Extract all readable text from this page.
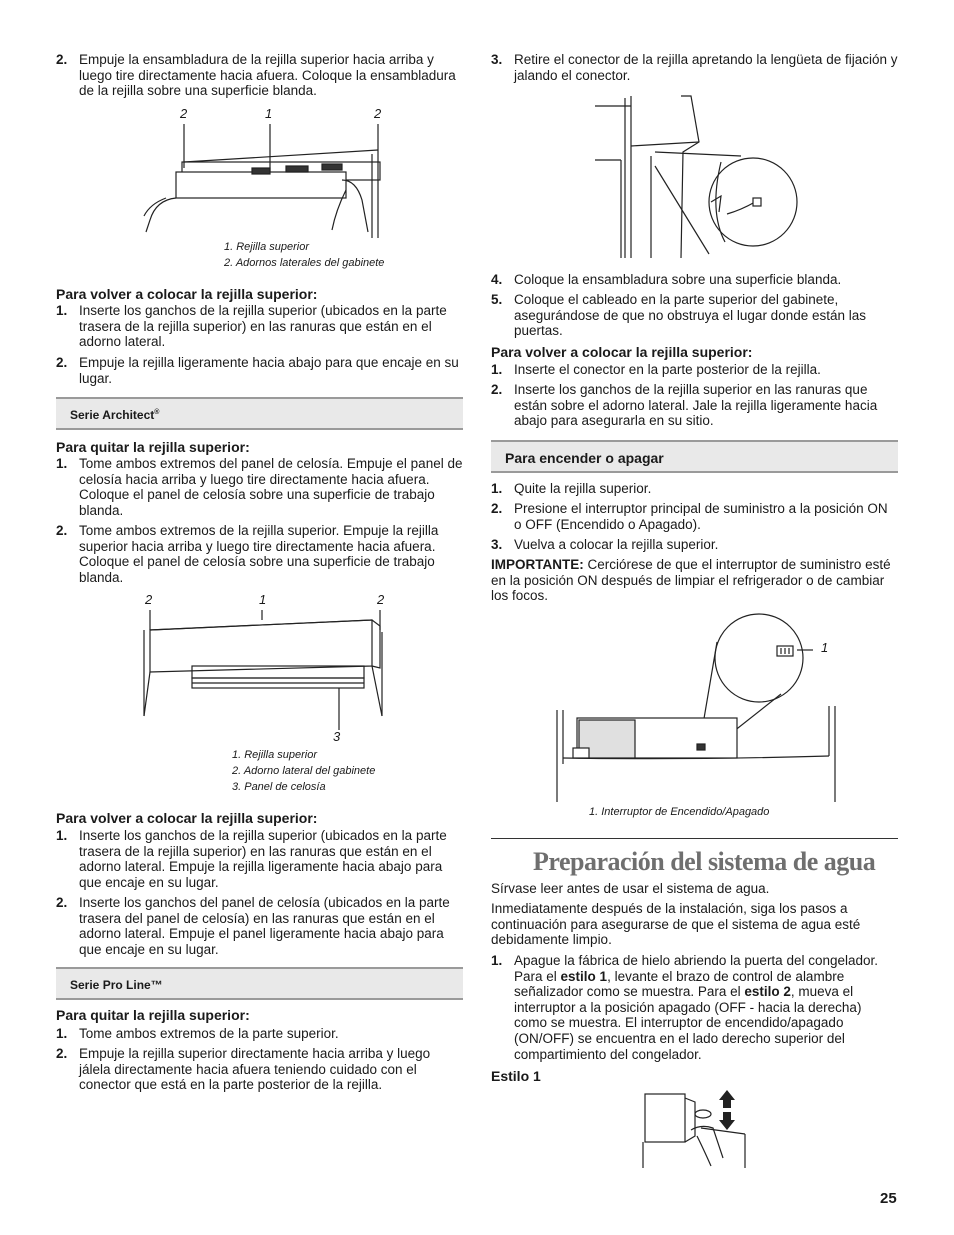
2. Empuje la ensambladura de la rejilla superior hacia arriba y luego tire directamente hacia afuera. Coloque la ensambladura de la rejilla sobre una superficie blanda.
2	1	2
1. Rejilla superior
2. Adornos laterales del gabinete
Para volver a colocar la rejilla superior:
1. Inserte los ganchos de la rejilla superior (ubicados en la parte trasera de la rejilla superior) en las ranuras que están en el adorno lateral.
2. Empuje la rejilla ligeramente hacia abajo para que encaje en su lugar.
Serie Architect®
Para quitar la rejilla superior:
1. Tome ambos extremos del panel de celosía. Empuje el panel de celosía hacia arriba y luego tire directamente hacia afuera. Coloque el panel de celosía sobre una superficie de trabajo blanda.
2. Tome ambos extremos de la rejilla superior. Empuje la rejilla superior hacia arriba y luego tire directamente hacia afuera. Coloque el panel de celosía sobre una superficie de trabajo blanda.
2	1	2
3
1. Rejilla superior
2. Adorno lateral del gabinete
3. Panel de celosía
Para volver a colocar la rejilla superior:
1. Inserte los ganchos de la rejilla superior (ubicados en la parte trasera de la rejilla superior) en las ranuras que están en el adorno lateral. Empuje la rejilla ligeramente hacia abajo para que encaje en su lugar.
2. Inserte los ganchos del panel de celosía (ubicados en la parte trasera del panel de celosía) en las ranuras que están en el adorno lateral. Empuje el panel ligeramente hacia abajo para que encaje en su lugar.
Serie Pro Line™
Para quitar la rejilla superior:
1. Tome ambos extremos de la parte superior.
2. Empuje la rejilla superior directamente hacia arriba y luego jálela directamente hacia afuera teniendo cuidado con el conector que está en la parte posterior de la rejilla.
3. Retire el conector de la rejilla apretando la lengüeta de fijación y jalando el conector.
4. Coloque la ensambladura sobre una superficie blanda.
5. Coloque el cableado en la parte superior del gabinete, asegurándose de que no obstruya el lugar donde están las puertas.
Para volver a colocar la rejilla superior:
1. Inserte el conector en la parte posterior de la rejilla.
2. Inserte los ganchos de la rejilla superior en las ranuras que están sobre el adorno lateral. Jale la rejilla ligeramente hacia abajo para asegurarla en su sitio.
Para encender o apagar
1. Quite la rejilla superior.
2. Presione el interruptor principal de suministro a la posición ON o OFF (Encendido o Apagado).
3. Vuelva a colocar la rejilla superior.
IMPORTANTE: Cerciórese de que el interruptor de suministro esté en la posición ON después de limpiar el refrigerador o de cambiar los focos.
1
1. Interruptor de Encendido/Apagado
Preparación del sistema de agua
Sírvase leer antes de usar el sistema de agua.
Inmediatamente después de la instalación, siga los pasos a continuación para asegurarse de que el sistema de agua esté debidamente limpio.
1. Apague la fábrica de hielo abriendo la puerta del congelador. Para el estilo 1, levante el brazo de control de alambre señalizador como se muestra. Para el estilo 2, mueva el interruptor a la posición apagado (OFF - hacia la derecha) como se muestra. El interruptor de encendido/apagado (ON/OFF) se encuentra en el lado derecho superior del compartimiento del congelador.
Estilo 1
25
